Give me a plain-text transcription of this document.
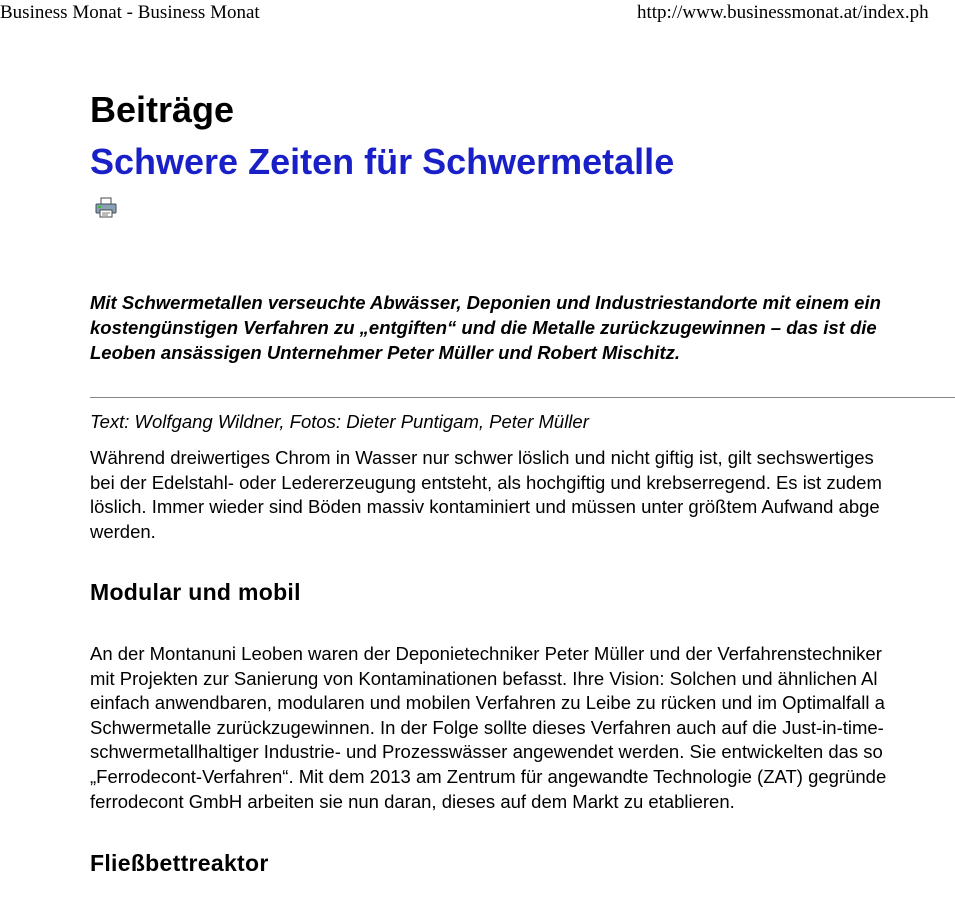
Business Monat - Business Monat	http://www.businessmonat.at/index.ph
Beiträge
Schwere Zeiten für Schwermetalle
Mit Schwermetallen verseuchte Abwässer, Deponien und Industriestandorte mit einem ein
kostengünstigen Verfahren zu „entgiften“ und die Metalle zurückzugewinnen – das ist die
Leoben ansässigen Unternehmer Peter Müller und Robert Mischitz.
Text: Wolfgang Wildner, Fotos: Dieter Puntigam, Peter Müller
Während dreiwertiges Chrom in Wasser nur schwer löslich und nicht giftig ist, gilt sechswertiges
bei der Edelstahl- oder Ledererzeugung entsteht, als hochgiftig und krebserregend. Es ist zudem
löslich. Immer wieder sind Böden massiv kontaminiert und müssen unter größtem Aufwand abge
werden.
Modular und mobil
An der Montanuni Leoben waren der Deponietechniker Peter Müller und der Verfahrenstechniker
mit Projekten zur Sanierung von Kontaminationen befasst. Ihre Vision: Solchen und ähnlichen Al
einfach anwendbaren, modularen und mobilen Verfahren zu Leibe zu rücken und im Optimalfall a
Schwermetalle zurückzugewinnen. In der Folge sollte dieses Verfahren auch auf die Just-in-time-
schwermetallhaltiger Industrie- und Prozesswässer angewendet werden. Sie entwickelten das so
„Ferrodecont-Verfahren“. Mit dem 2013 am Zentrum für angewandte Technologie (ZAT) gegründe
ferrodecont GmbH arbeiten sie nun daran, dieses auf dem Markt zu etablieren.
Fließbettreaktor
